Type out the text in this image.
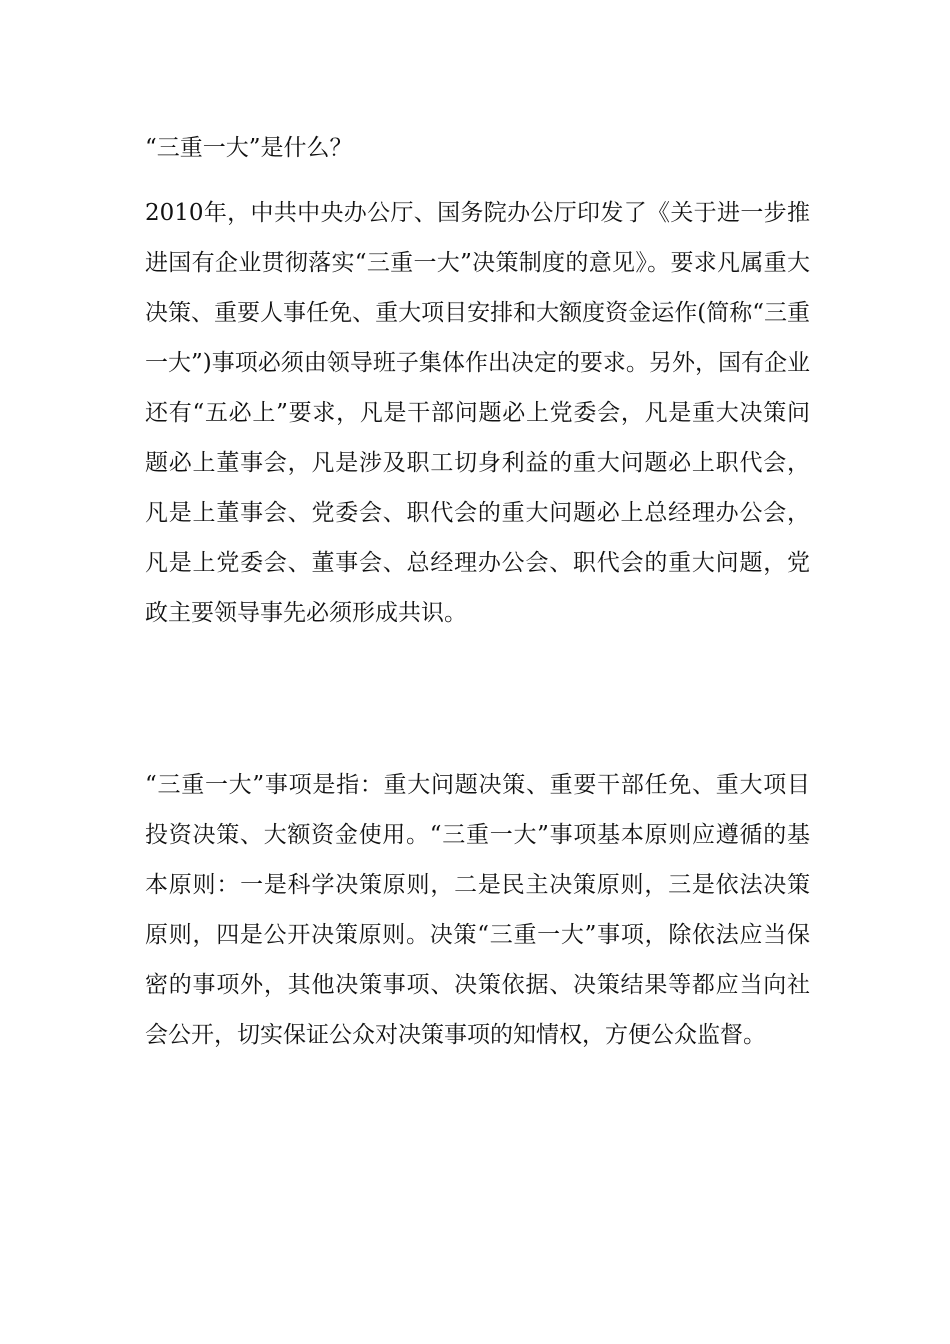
“三重一大”是什么？
2010年，中共中央办公厅、国务院办公厅印发了《关于进一步推进国有企业贯彻落实“三重一大”决策制度的意见》。要求凡属重大决策、重要人事任免、重大项目安排和大额度资金运作(简称“三重一大”)事项必须由领导班子集体作出决定的要求。另外，国有企业还有“五必上”要求，凡是干部问题必上党委会，凡是重大决策问题必上董事会，凡是涉及职工切身利益的重大问题必上职代会，凡是上董事会、党委会、职代会的重大问题必上总经理办公会，凡是上党委会、董事会、总经理办公会、职代会的重大问题，党政主要领导事先必须形成共识。
“三重一大”事项是指：重大问题决策、重要干部任免、重大项目投资决策、大额资金使用。“三重一大”事项基本原则应遵循的基本原则：一是科学决策原则，二是民主决策原则，三是依法决策原则，四是公开决策原则。决策“三重一大”事项，除依法应当保密的事项外，其他决策事项、决策依据、决策结果等都应当向社会公开，切实保证公众对决策事项的知情权，方便公众监督。
